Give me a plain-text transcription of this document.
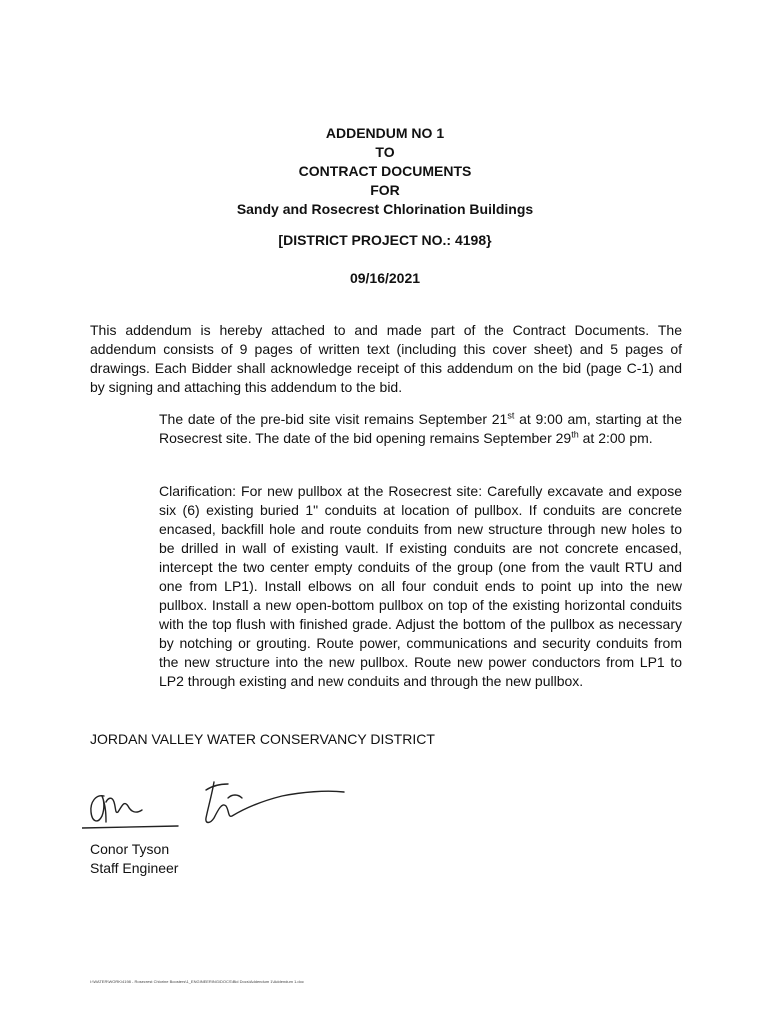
ADDENDUM NO 1
TO
CONTRACT DOCUMENTS
FOR
Sandy and Rosecrest Chlorination Buildings
[DISTRICT PROJECT NO.: 4198}
09/16/2021
This addendum is hereby attached to and made part of the Contract Documents. The addendum consists of 9 pages of written text (including this cover sheet) and 5 pages of drawings. Each Bidder shall acknowledge receipt of this addendum on the bid (page C-1) and by signing and attaching this addendum to the bid.
The date of the pre-bid site visit remains September 21st at 9:00 am, starting at the Rosecrest site. The date of the bid opening remains September 29th at 2:00 pm.
Clarification: For new pullbox at the Rosecrest site: Carefully excavate and expose six (6) existing buried 1" conduits at location of pullbox. If conduits are concrete encased, backfill hole and route conduits from new structure through new holes to be drilled in wall of existing vault. If existing conduits are not concrete encased, intercept the two center empty conduits of the group (one from the vault RTU and one from LP1). Install elbows on all four conduit ends to point up into the new pullbox. Install a new open-bottom pullbox on top of the existing horizontal conduits with the top flush with finished grade. Adjust the bottom of the pullbox as necessary by notching or grouting. Route power, communications and security conduits from the new structure into the new pullbox. Route new power conductors from LP1 to LP2 through existing and new conduits and through the new pullbox.
JORDAN VALLEY WATER CONSERVANCY DISTRICT
Conor Tyson
Staff Engineer
I:\WATER\WORK\4198 - Rosecrest Chlorine Boosters\1_ENGINEERING\DOCS\Bid Docs\Addendum 1\Addendum 1.doc
